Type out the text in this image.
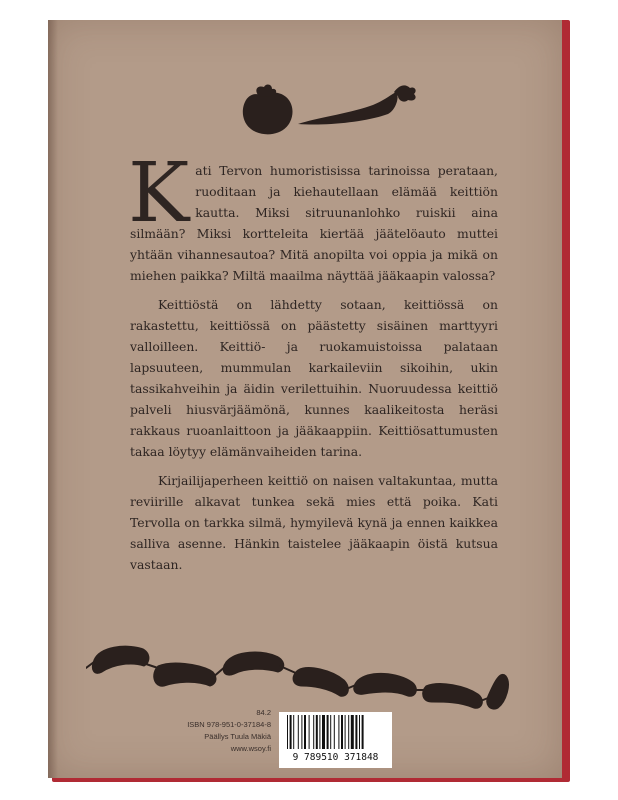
Kati Tervon humoristisissa tarinoissa perataan, ruoditaan ja kiehautellaan elämää keittiön kautta. Miksi sitruunanlohko ruiskii aina silmään? Miksi kortteleita kiertää jäätelöauto muttei yhtään vihannesautoa? Mitä anopilta voi oppia ja mikä on miehen paikka? Miltä maailma näyttää jääkaapin valossa?

Keittiöstä on lähdetty sotaan, keittiössä on rakastettu, keittiössä on päästetty sisäinen marttyyri valloilleen. Keittiö- ja ruokamuistoissa palataan lapsuuteen, mummulan karkaileviin sikoihin, ukin tassikahveihin ja äidin verilettuihin. Nuoruudessa keittiö palveli hiusvärjäämönä, kunnes kaalikeitosta heräsi rakkaus ruoanlaittoon ja jääkaappiin. Keittiösattumusten takaa löytyy elämänvaiheiden tarina.

Kirjailijaperheen keittiö on naisen valtakuntaa, mutta reviirille alkavat tunkea sekä mies että poika. Kati Tervolla on tarkka silmä, hymyilevä kynä ja ennen kaikkea salliva asenne. Hänkin taistelee jääkaapin öistä kutsua vastaan.

84.2
ISBN 978-951-0-37184-8
Päällys Tuula Mäkiä
www.wsoy.fi
9 789510 371848
